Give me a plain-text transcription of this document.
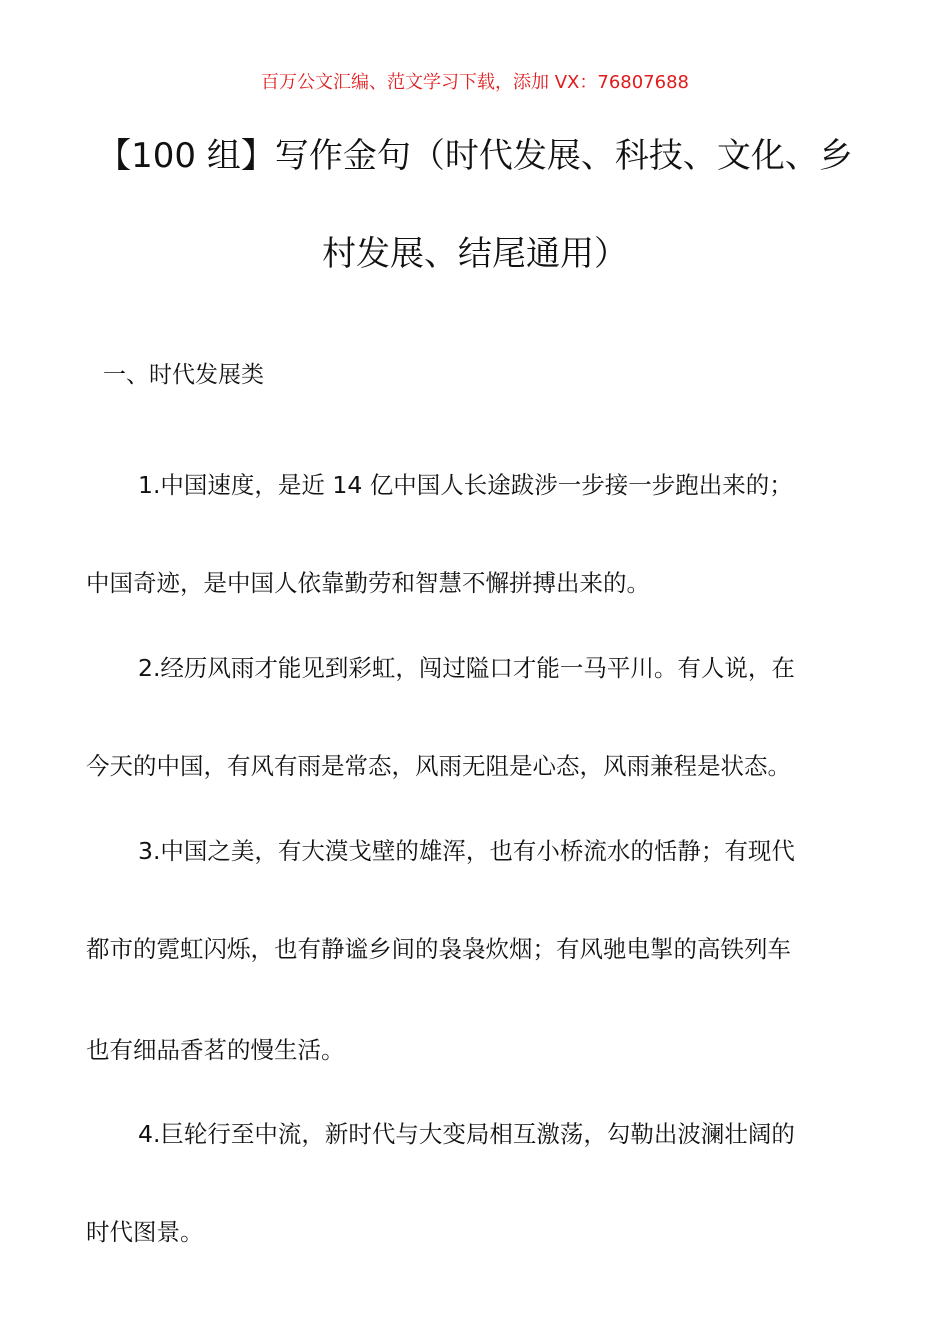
百万公文汇编、范文学习下载，添加 VX：76807688
【100 组】写作金句（时代发展、科技、文化、乡
村发展、结尾通用）
一、时代发展类
1.中国速度，是近 14 亿中国人长途跋涉一步接一步跑出来的；
中国奇迹，是中国人依靠勤劳和智慧不懈拼搏出来的。
2.经历风雨才能见到彩虹，闯过隘口才能一马平川。有人说，在
今天的中国，有风有雨是常态，风雨无阻是心态，风雨兼程是状态。
3.中国之美，有大漠戈壁的雄浑，也有小桥流水的恬静；有现代
都市的霓虹闪烁，也有静谧乡间的袅袅炊烟；有风驰电掣的高铁列车
也有细品香茗的慢生活。
4.巨轮行至中流，新时代与大变局相互激荡，勾勒出波澜壮阔的
时代图景。
